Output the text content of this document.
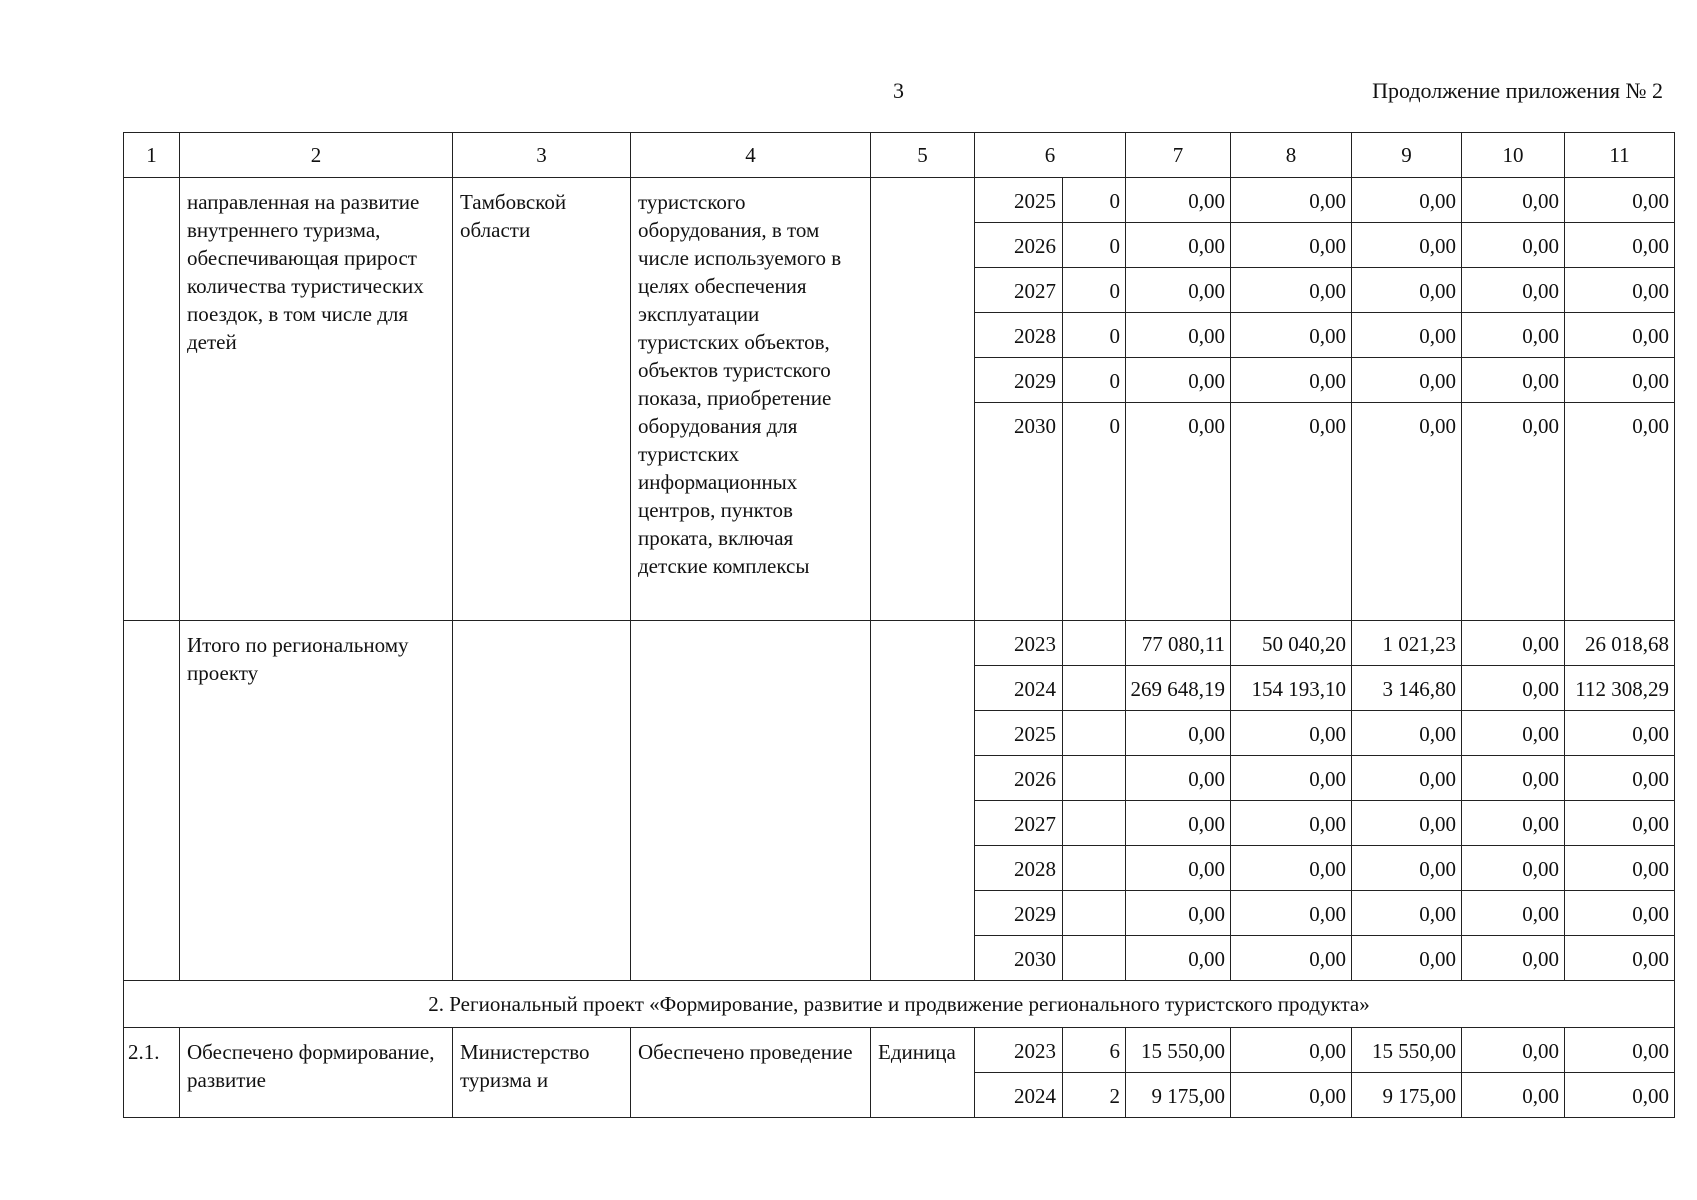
3	Продолжение приложения № 2
1	2	3	4	5	6		7	8	9	10	11
	направленная на развитие внутреннего туризма, обеспечивающая прирост количества туристических поездок, в том числе для детей	Тамбовской области	туристского оборудования, в том числе используемого в целях обеспечения эксплуатации туристских объектов, объектов туристского показа, приобретение оборудования для туристских информационных центров, пунктов проката, включая детские комплексы		2025	0	0,00	0,00	0,00	0,00	0,00
					2026	0	0,00	0,00	0,00	0,00	0,00
					2027	0	0,00	0,00	0,00	0,00	0,00
					2028	0	0,00	0,00	0,00	0,00	0,00
					2029	0	0,00	0,00	0,00	0,00	0,00
					2030	0	0,00	0,00	0,00	0,00	0,00
	Итого по региональному проекту				2023		77 080,11	50 040,20	1 021,23	0,00	26 018,68
					2024		269 648,19	154 193,10	3 146,80	0,00	112 308,29
					2025		0,00	0,00	0,00	0,00	0,00
					2026		0,00	0,00	0,00	0,00	0,00
					2027		0,00	0,00	0,00	0,00	0,00
					2028		0,00	0,00	0,00	0,00	0,00
					2029		0,00	0,00	0,00	0,00	0,00
					2030		0,00	0,00	0,00	0,00	0,00
2. Региональный проект «Формирование, развитие и продвижение регионального туристского продукта»											
2.1.	Обеспечено формирование, развитие	Министерство туризма и	Обеспечено проведение	Единица	2023	6	15 550,00	0,00	15 550,00	0,00	0,00
					2024	2	9 175,00	0,00	9 175,00	0,00	0,00
